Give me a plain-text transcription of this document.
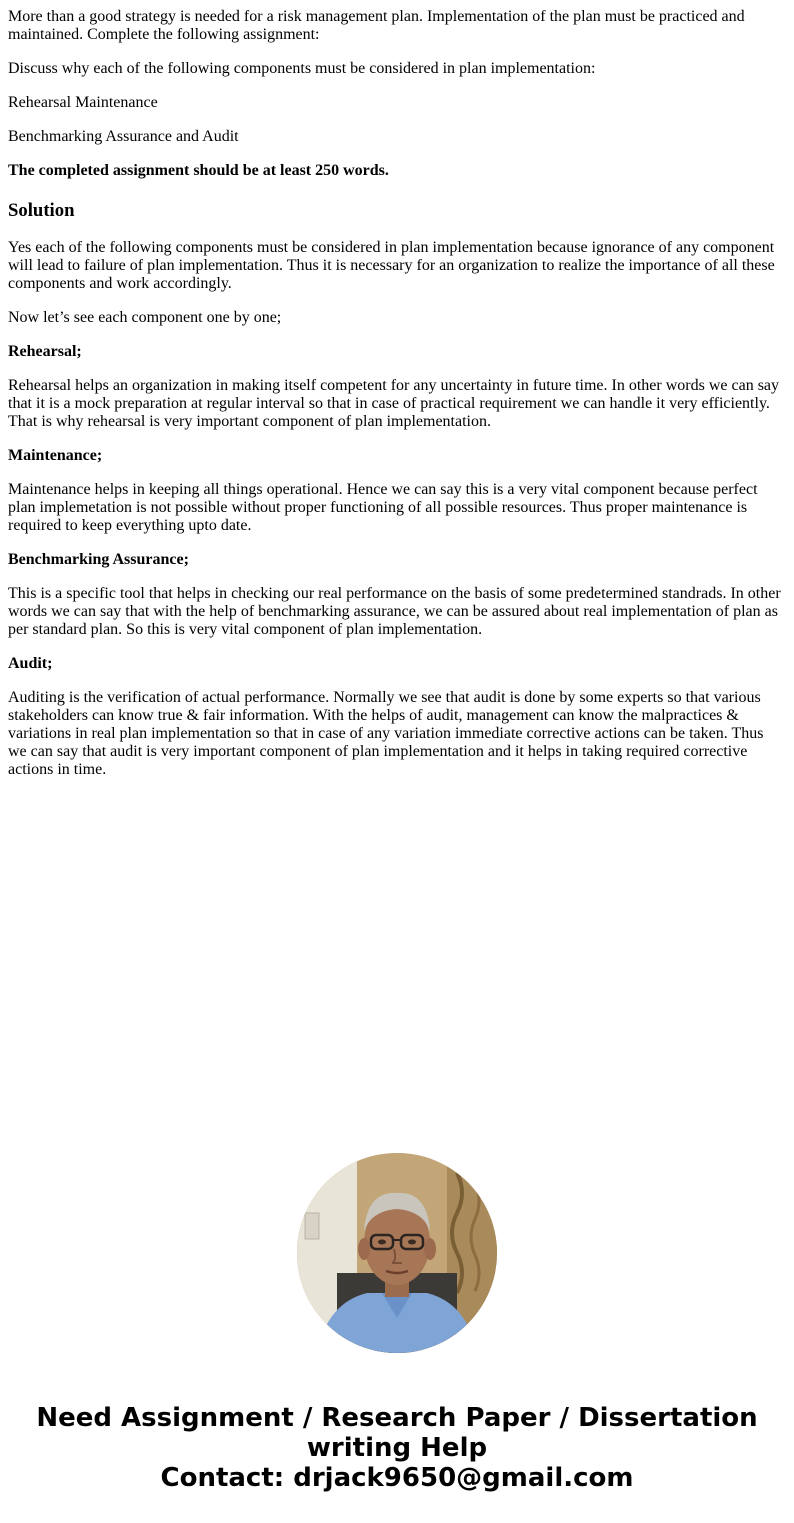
More than a good strategy is needed for a risk management plan. Implementation of the plan must be practiced and maintained. Complete the following assignment:

Discuss why each of the following components must be considered in plan implementation:

Rehearsal Maintenance

Benchmarking Assurance and Audit

The completed assignment should be at least 250 words.

Solution

Yes each of the following components must be considered in plan implementation because ignorance of any component will lead to failure of plan implementation. Thus it is necessary for an organization to realize the importance of all these components and work accordingly.

Now let’s see each component one by one;

Rehearsal;

Rehearsal helps an organization in making itself competent for any uncertainty in future time. In other words we can say that it is a mock preparation at regular interval so that in case of practical requirement we can handle it very efficiently. That is why rehearsal is very important component of plan implementation.

Maintenance;

Maintenance helps in keeping all things operational. Hence we can say this is a very vital component because perfect plan implemetation is not possible without proper functioning of all possible resources. Thus proper maintenance is required to keep everything upto date.

Benchmarking Assurance;

This is a specific tool that helps in checking our real performance on the basis of some predetermined standrads. In other words we can say that with the help of benchmarking assurance, we can be assured about real implementation of plan as per standard plan. So this is very vital component of plan implementation.

Audit;

Auditing is the verification of actual performance. Normally we see that audit is done by some experts so that various stakeholders can know true & fair information. With the helps of audit, management can know the malpractices & variations in real plan implementation so that in case of any variation immediate corrective actions can be taken. Thus we can say that audit is very important component of plan implementation and it helps in taking required corrective actions in time.

Need Assignment / Research Paper / Dissertation
writing Help
Contact: drjack9650@gmail.com
